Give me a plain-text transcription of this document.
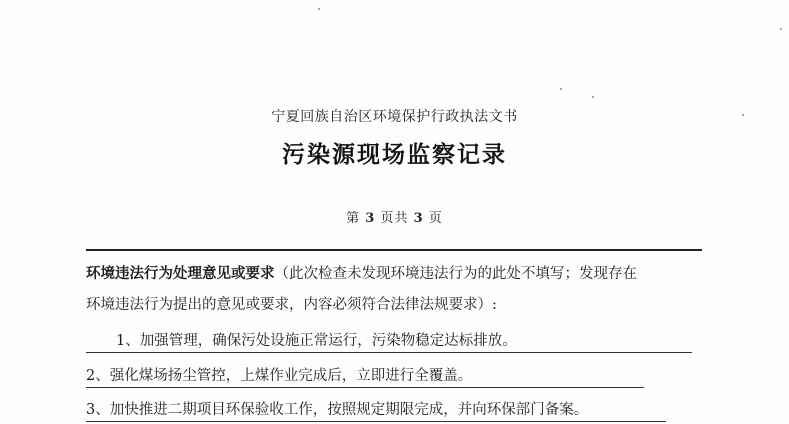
宁夏回族自治区环境保护行政执法文书
污染源现场监察记录
第 3 页共 3 页
环境违法行为处理意见或要求（此次检查未发现环境违法行为的此处不填写；发现存在
环境违法行为提出的意见或要求，内容必须符合法律法规要求）:
1、加强管理，确保污处设施正常运行，污染物稳定达标排放。
2、强化煤场扬尘管控，上煤作业完成后，立即进行全覆盖。
3、加快推进二期项目环保验收工作，按照规定期限完成，并向环保部门备案。
